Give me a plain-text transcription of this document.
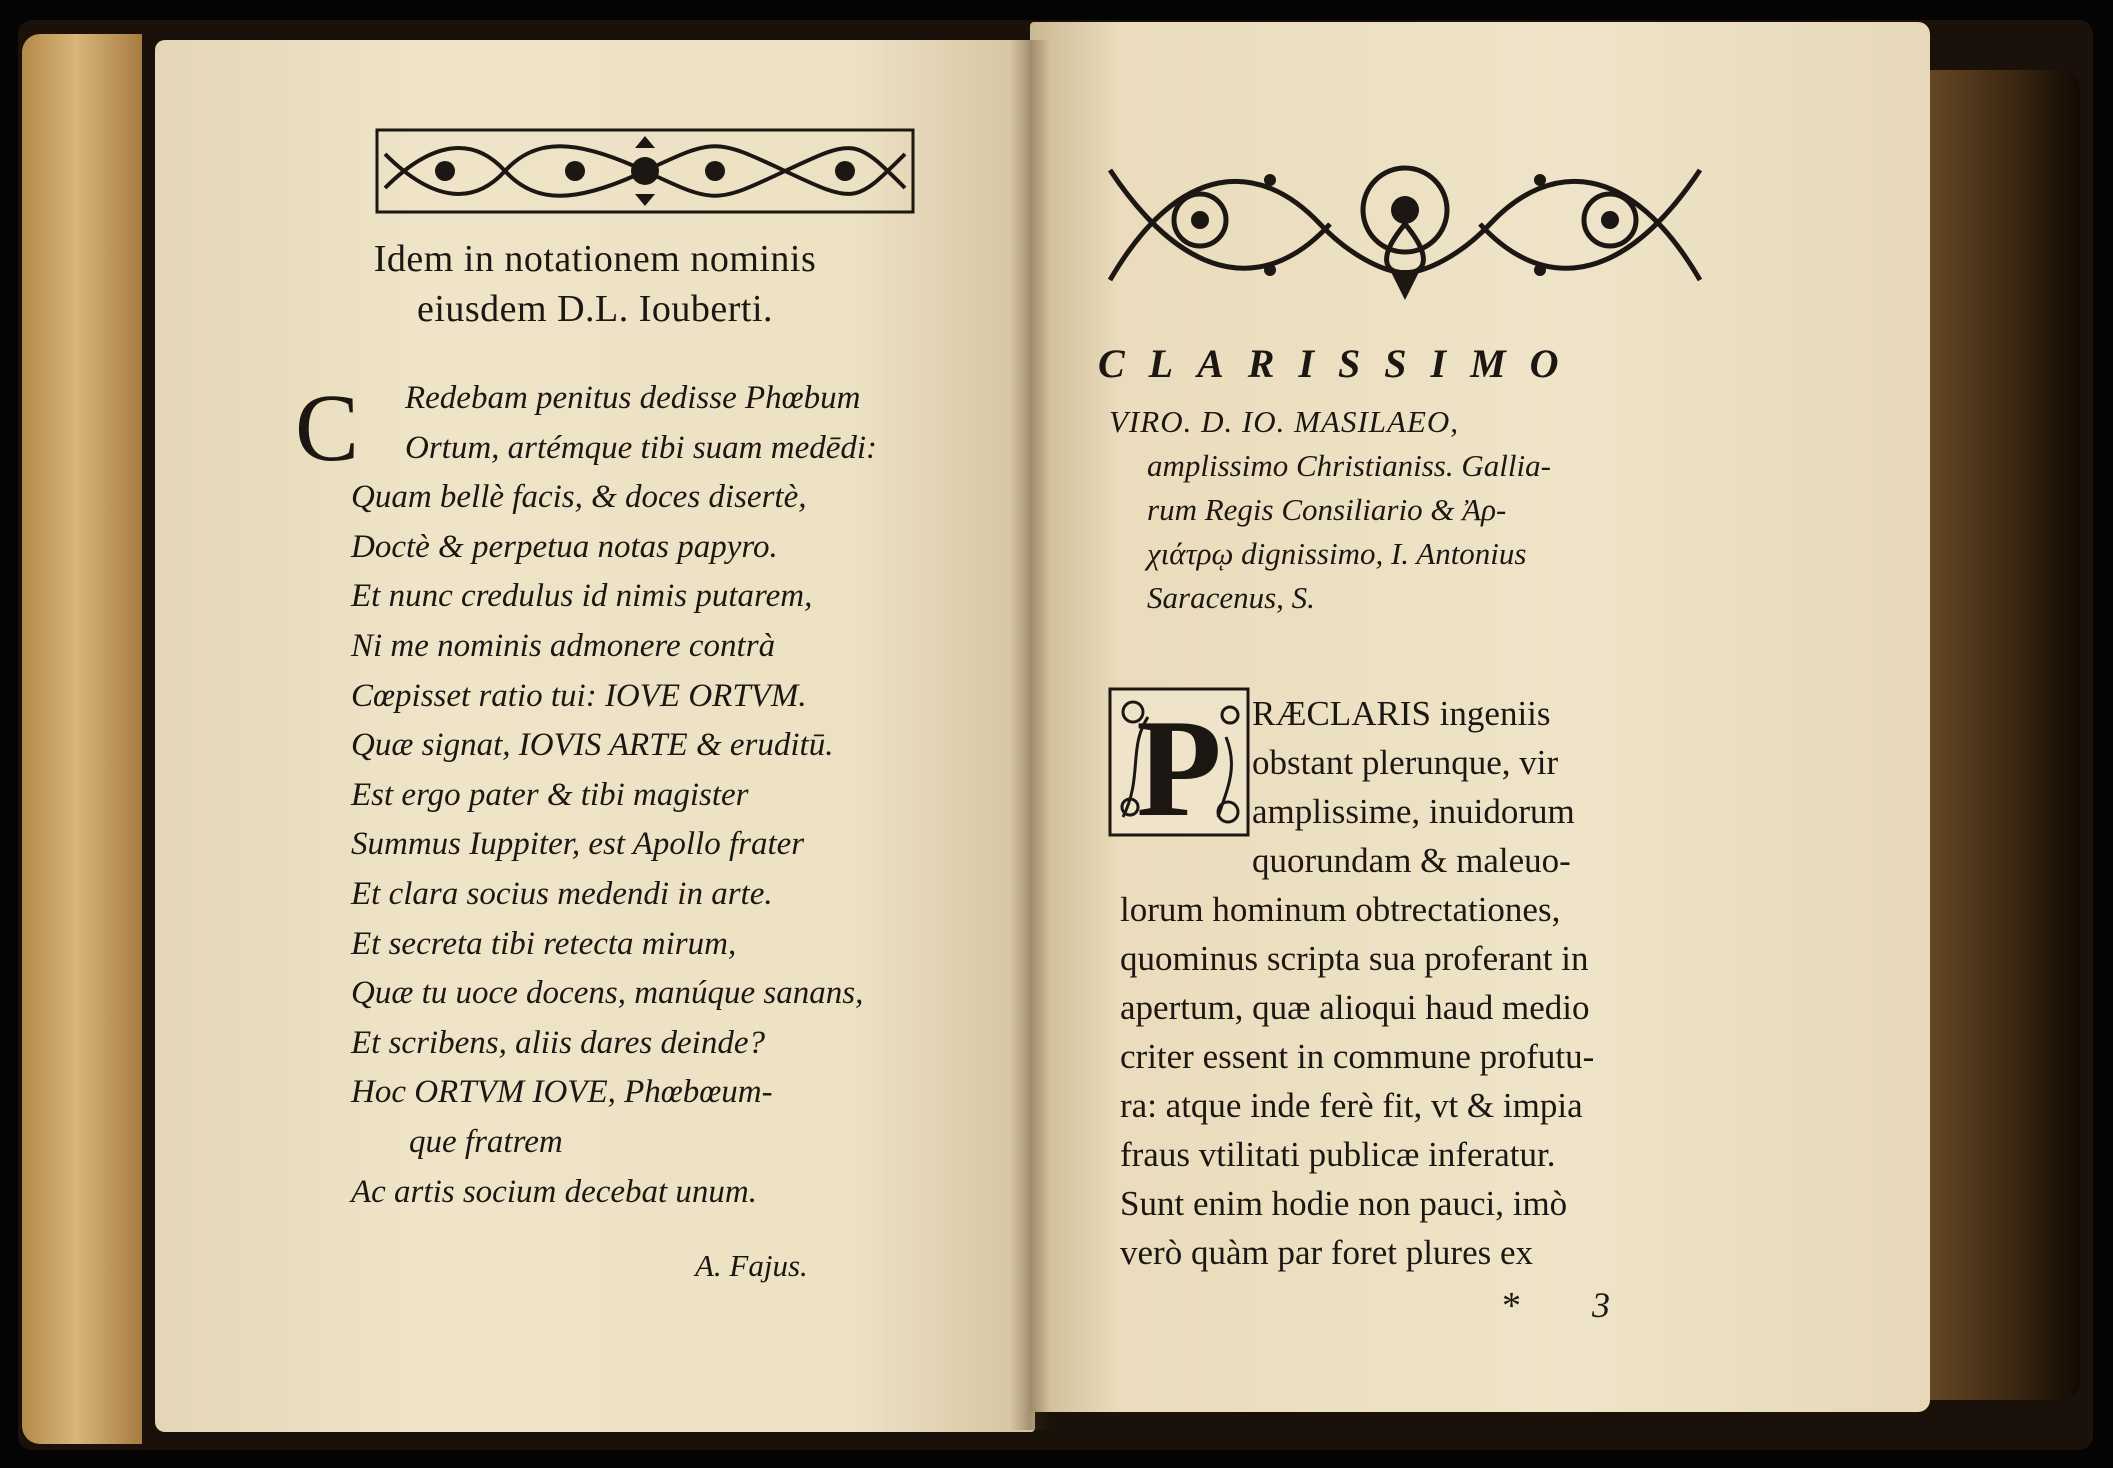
Idem in notationem nominis
eiusdem D.L. Iouberti.
C	Redebam penitus dedisse Phœbum
Ortum, artémque tibi suam medēdi:
Quam bellè facis, & doces disertè,
Doctè & perpetua notas papyro.
Et nunc credulus id nimis putarem,
Ni me nominis admonere contrà
Cœpisset ratio tui: IOVE ORTVM.
Quæ signat, IOVIS ARTE & eruditū.
Est ergo pater & tibi magister
Summus Iuppiter, est Apollo frater
Et clara socius medendi in arte.
Et secreta tibi retecta mirum,
Quæ tu uoce docens, manúque sanans,
Et scribens, aliis dares deinde?
Hoc ORTVM IOVE, Phœbœum-
que fratrem
Ac artis socium decebat unum.
A. Fajus.
CLARISSIMO
VIRO. D. IO. MASILAEO,
amplissimo Christianiss. Gallia-
rum Regis Consiliario & Ἀρ-
χιάτρῳ dignissimo, I. Antonius
Saracenus, S.
P RÆCLARIS ingeniis
obstant plerunque, vir
amplissime, inuidorum
quorundam & maleuo-
lorum hominum obtrectationes,
quominus scripta sua proferant in
apertum, quæ alioqui haud medio
criter essent in commune profutu-
ra: atque inde ferè fit, vt & impia
fraus vtilitati publicæ inferatur.
Sunt enim hodie non pauci, imò
verò quàm par foret plures ex
* 3
